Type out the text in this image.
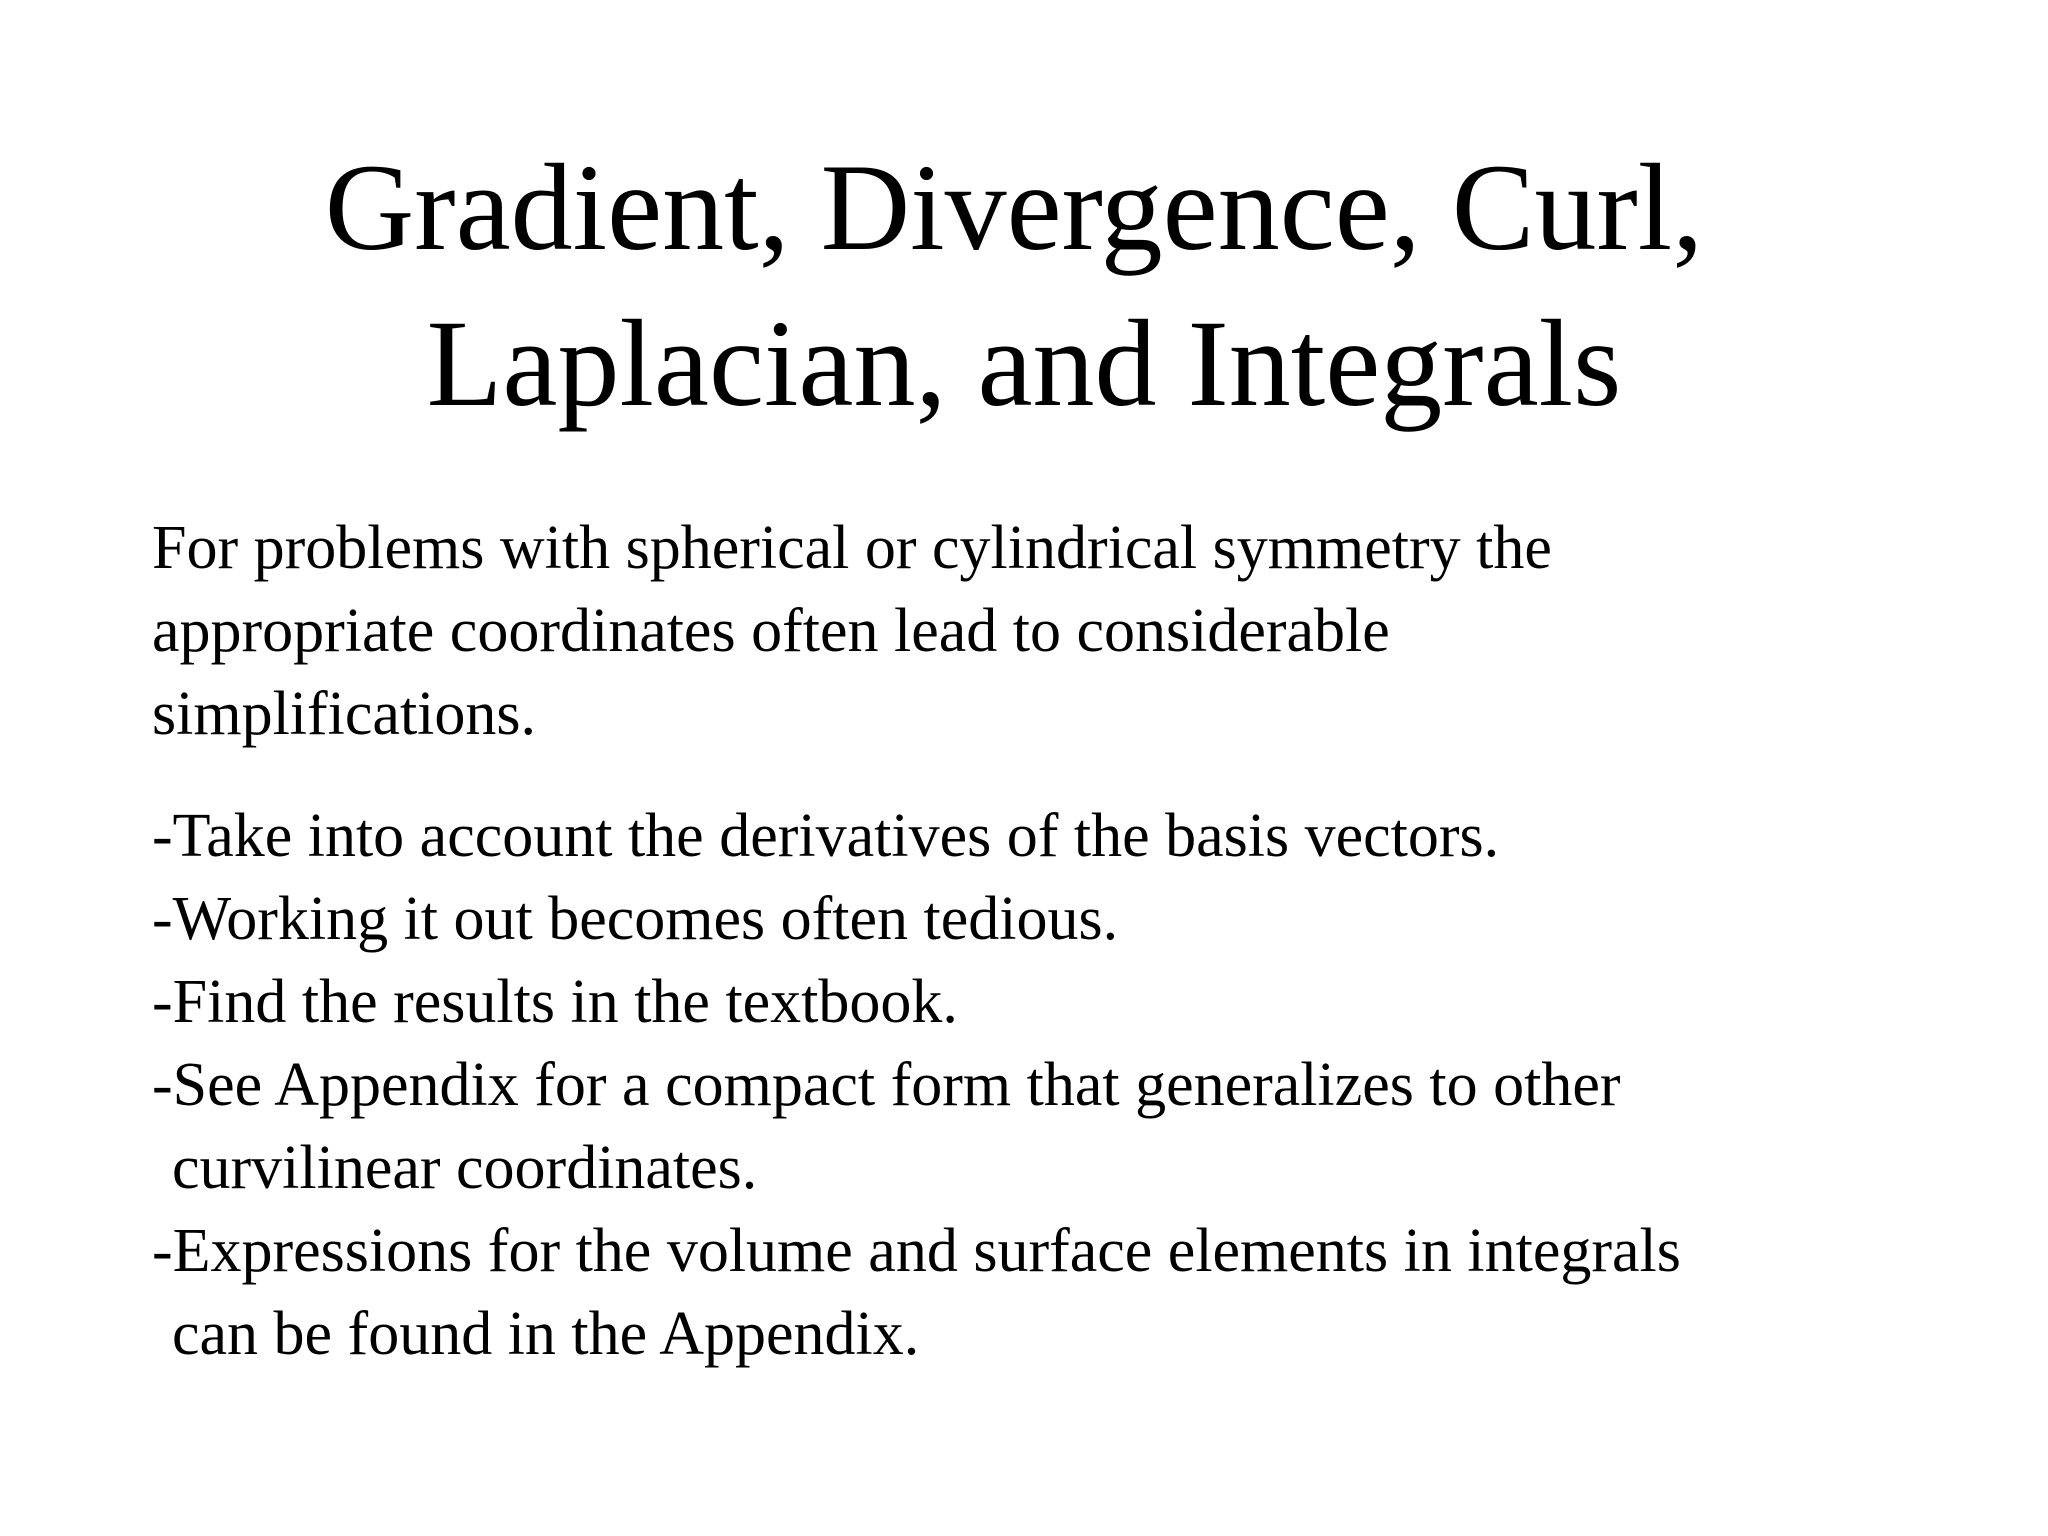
Gradient, Divergence, Curl,
Laplacian, and Integrals

For problems with spherical or cylindrical symmetry the
appropriate coordinates often lead to considerable
simplifications.

-Take into account the derivatives of the basis vectors.
-Working it out becomes often tedious.
-Find the results in the textbook.
-See Appendix for a compact form that generalizes to other
curvilinear coordinates.
-Expressions for the volume and surface elements in integrals
can be found in the Appendix.
